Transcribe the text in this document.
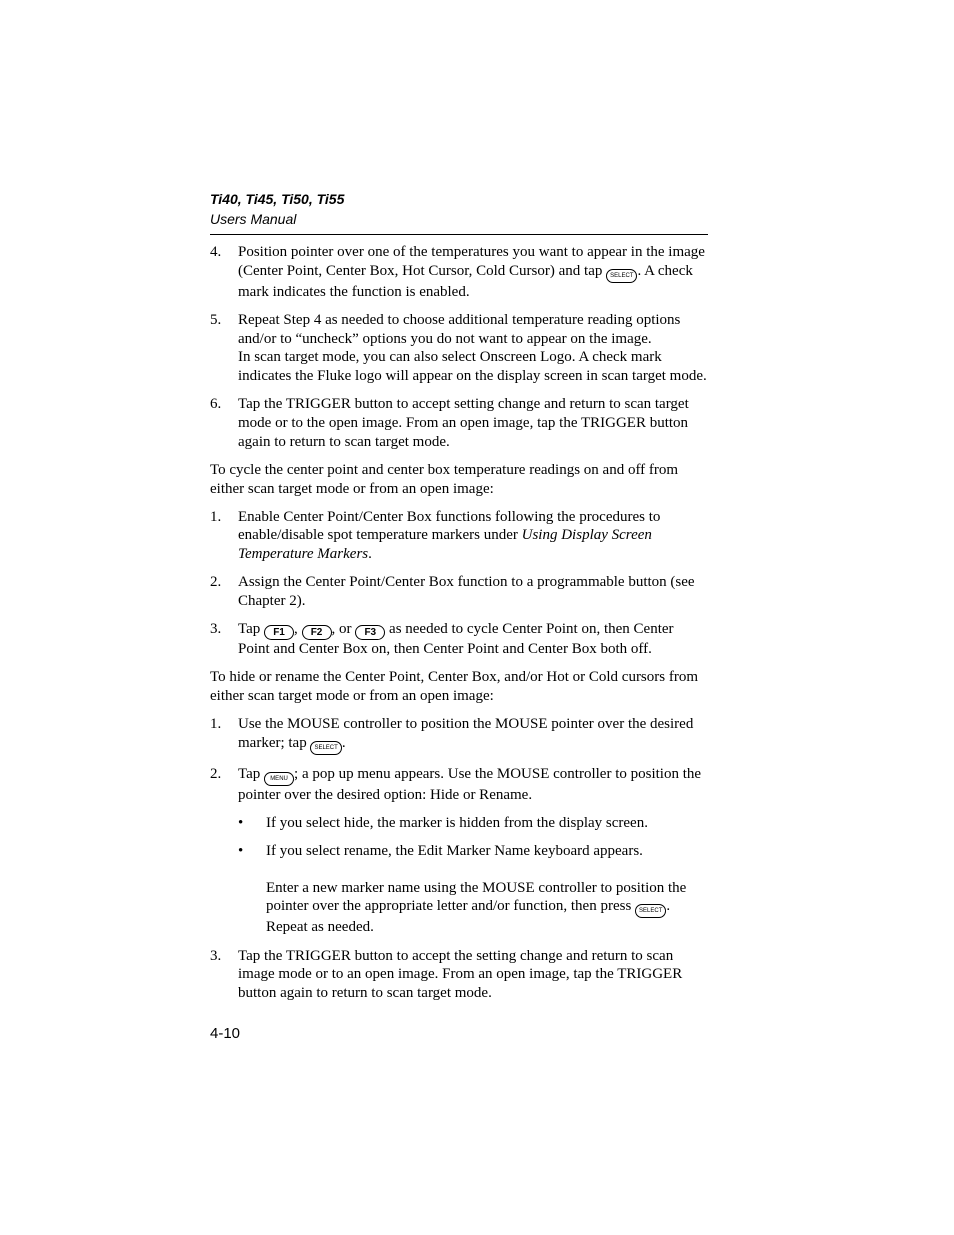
Ti40, Ti45, Ti50, Ti55
Users Manual
4. Position pointer over one of the temperatures you want to appear in the image (Center Point, Center Box, Hot Cursor, Cold Cursor) and tap SELECT . A check mark indicates the function is enabled.
5. Repeat Step 4 as needed to choose additional temperature reading options and/or to “uncheck” options you do not want to appear on the image.
In scan target mode, you can also select Onscreen Logo. A check mark indicates the Fluke logo will appear on the display screen in scan target mode.
6. Tap the TRIGGER button to accept setting change and return to scan target mode or to the open image. From an open image, tap the TRIGGER button again to return to scan target mode.
To cycle the center point and center box temperature readings on and off from either scan target mode or from an open image:
1. Enable Center Point/Center Box functions following the procedures to enable/disable spot temperature markers under Using Display Screen Temperature Markers.
2. Assign the Center Point/Center Box function to a programmable button (see Chapter 2).
3. Tap F1 , F2 , or F3 as needed to cycle Center Point on, then Center Point and Center Box on, then Center Point and Center Box both off.
To hide or rename the Center Point, Center Box, and/or Hot or Cold cursors from either scan target mode or from an open image:
1. Use the MOUSE controller to position the MOUSE pointer over the desired marker; tap SELECT .
2. Tap MENU ; a pop up menu appears. Use the MOUSE controller to position the pointer over the desired option: Hide or Rename.
• If you select hide, the marker is hidden from the display screen.
• If you select rename, the Edit Marker Name keyboard appears.
Enter a new marker name using the MOUSE controller to position the pointer over the appropriate letter and/or function, then press SELECT . Repeat as needed.
3. Tap the TRIGGER button to accept the setting change and return to scan image mode or to an open image. From an open image, tap the TRIGGER button again to return to scan target mode.
4-10
